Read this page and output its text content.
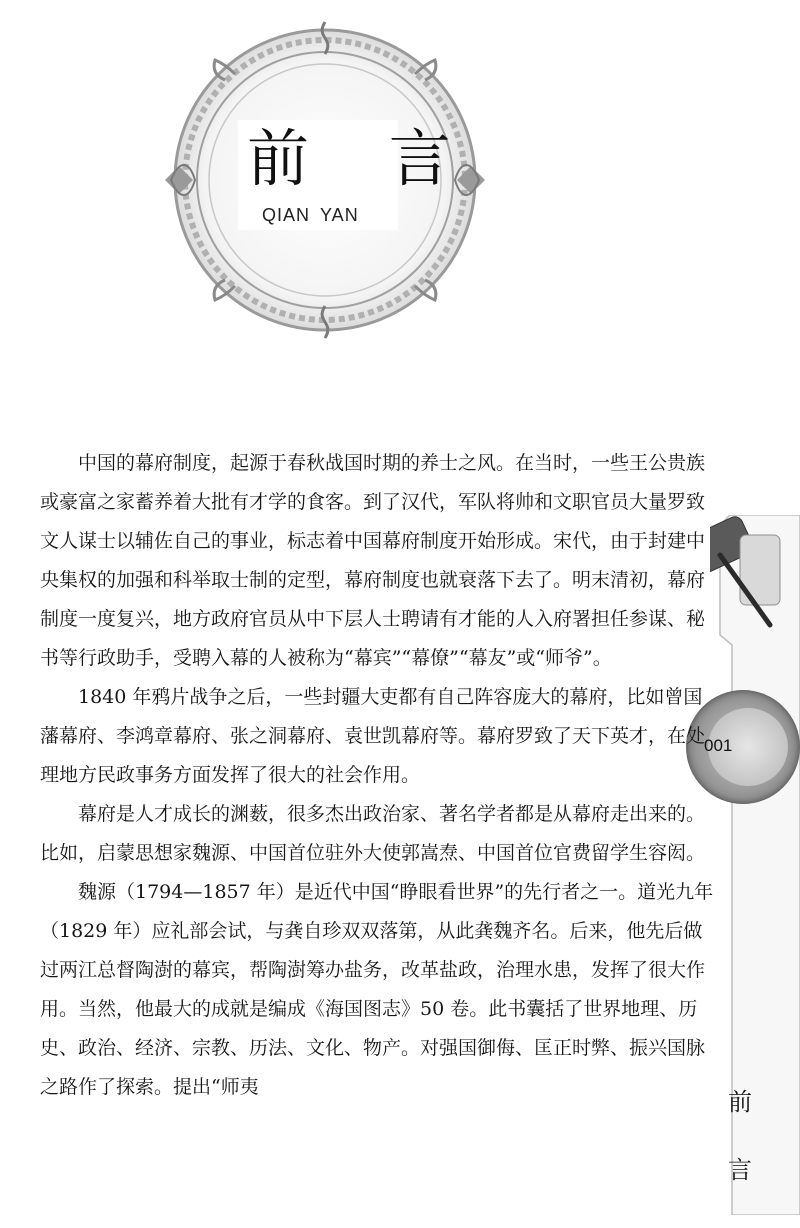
前 言
QIAN YAN
001
前
言

中国的幕府制度，起源于春秋战国时期的养士之风。在当时，一些王公贵族或豪富之家蓄养着大批有才学的食客。到了汉代，军队将帅和文职官员大量罗致文人谋士以辅佐自己的事业，标志着中国幕府制度开始形成。宋代，由于封建中央集权的加强和科举取士制的定型，幕府制度也就衰落下去了。明末清初，幕府制度一度复兴，地方政府官员从中下层人士聘请有才能的人入府署担任参谋、秘书等行政助手，受聘入幕的人被称为“幕宾”“幕僚”“幕友”或“师爷”。

1840 年鸦片战争之后，一些封疆大吏都有自己阵容庞大的幕府，比如曾国藩幕府、李鸿章幕府、张之洞幕府、袁世凯幕府等。幕府罗致了天下英才，在处理地方民政事务方面发挥了很大的社会作用。

幕府是人才成长的渊薮，很多杰出政治家、著名学者都是从幕府走出来的。比如，启蒙思想家魏源、中国首位驻外大使郭嵩焘、中国首位官费留学生容闳。

魏源（1794—1857 年）是近代中国“睁眼看世界”的先行者之一。道光九年（1829 年）应礼部会试，与龚自珍双双落第，从此龚魏齐名。后来，他先后做过两江总督陶澍的幕宾，帮陶澍筹办盐务，改革盐政，治理水患，发挥了很大作用。当然，他最大的成就是编成《海国图志》50 卷。此书囊括了世界地理、历史、政治、经济、宗教、历法、文化、物产。对强国御侮、匡正时弊、振兴国脉之路作了探索。提出“师夷
